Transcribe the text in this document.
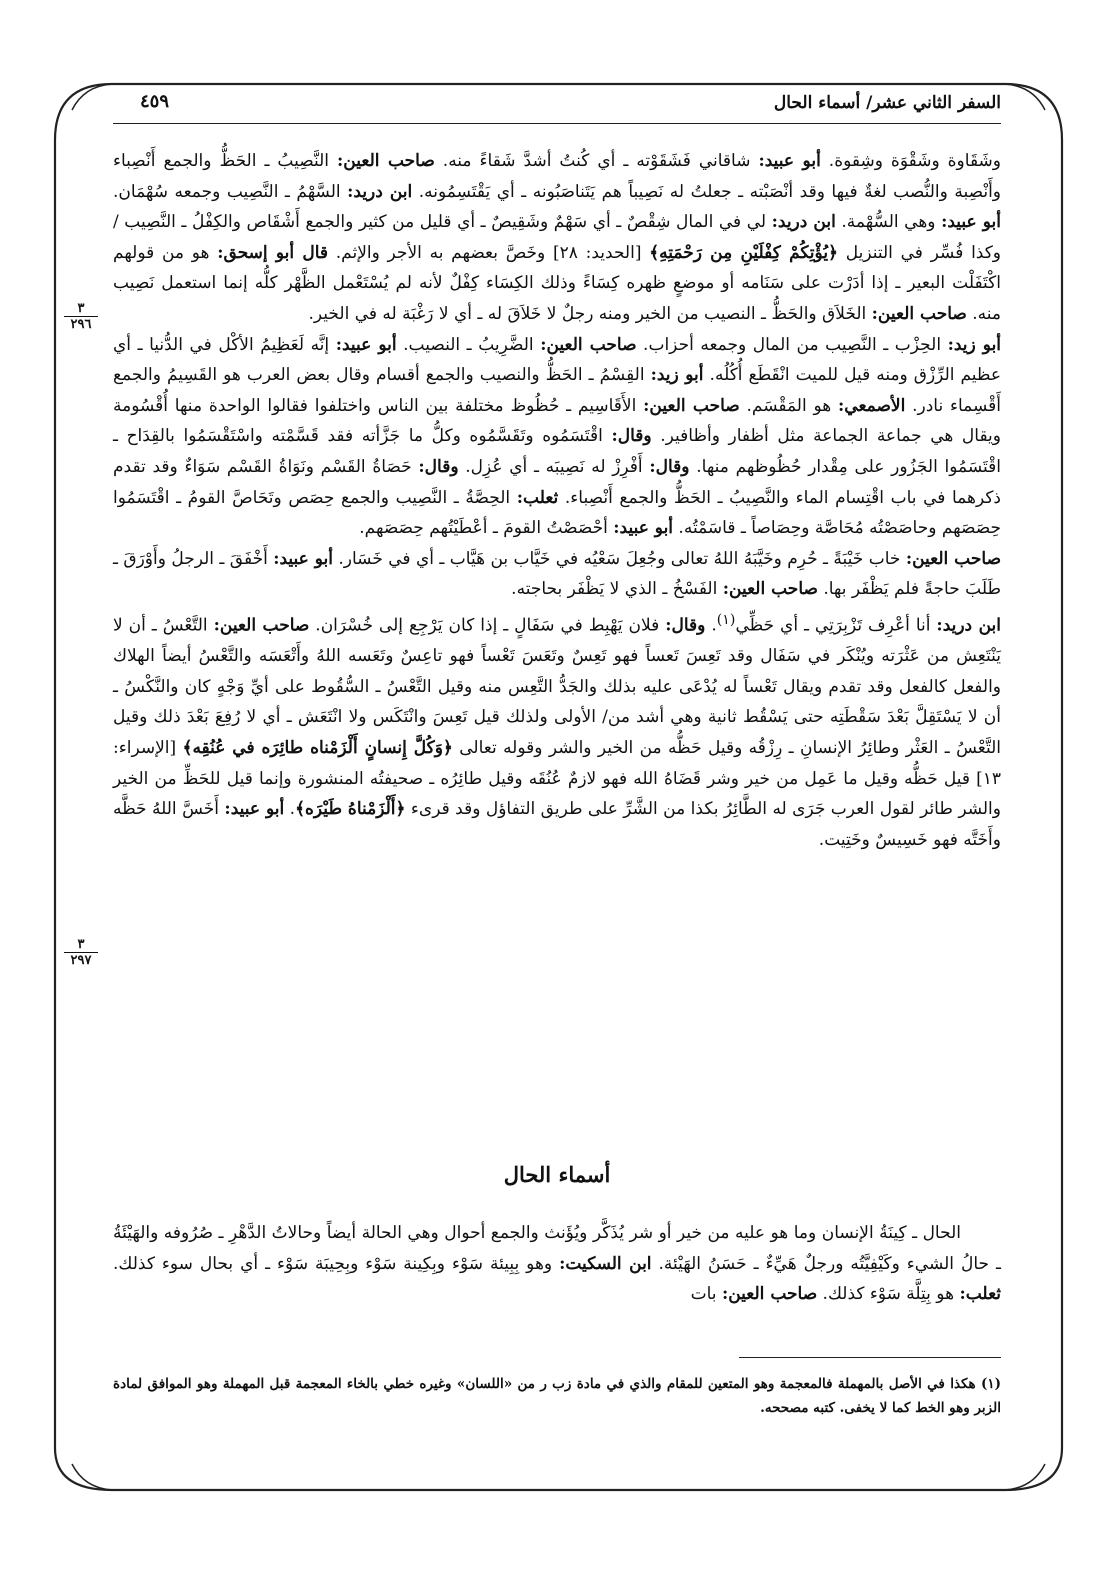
السفر الثاني عشر/ أسماء الحال
٤٥٩
٣
٢٩٦
٣
٢٩٧

وشَقَاوة وشَقْوَة وشِقوة. أبو عبيد: شاقاني فَشَقَوْته ـ أي كُنتُ أشدَّ شَقاءً منه. صاحب العين: النَّصِيبُ ـ الحَظُّ والجمع أَنْصِباء وأَنْصِبة والنُّصب لغةٌ فيها وقد أنْصَبْته ـ جعلتُ له نَصِيباً هم يَتَناصَبُونه ـ أي يَقْتَسِمُونه. ابن دريد: السَّهْمُ ـ النَّصِيب وجمعه سُهْمَان. أبو عبيد: وهي السُّهْمة. ابن دريد: لي في المال شِقْصٌ ـ أي سَهْمٌ وشَقِيصٌ ـ أي قليل من كثير والجمع أَشْقَاص والكِفْلُ ـ النَّصِيب /وكذا فُسِّر في التنزيل ﴿يُؤْتِكُمْ كِفْلَيْنِ مِن رَحْمَتِهِ﴾ [الحديد: ٢٨] وخَصَّ بعضهم به الأجر والإثم. قال أبو إسحق: هو من قولهم اكْتَفَلْت البعير ـ إذا أدَرْت على سَنَامه أو موضعٍ ظهره كِسَاءً وذلك الكِسَاء كِفْلٌ لأنه لم يُسْتَعْمل الظَّهْر كلُّه إنما استعمل نَصِيب منه. صاحب العين: الخَلاَق والحَظُّ ـ النصيب من الخير ومنه رجلٌ لا خَلاَقَ له ـ أي لا رَغْبَة له في الخير.

أبو زيد: الحِزْب ـ النَّصِيب من المال وجمعه أحزاب. صاحب العين: الضَّرِيبُ ـ النصيب. أبو عبيد: إنَّه لَعَظِيمُ الأكْل في الدُّنيا ـ أي عظيم الرِّزْق ومنه قيل للميت انْقَطَع أُكُلُه. أبو زيد: القِسْمُ ـ الحَظُّ والنصيب والجمع أقسام وقال بعض العرب هو القَسِيمُ والجمع أَقْسِماء نادر. الأصمعي: هو المَقْسَم. صاحب العين: الأَقَاسِيم ـ حُظُوظ مختلفة بين الناس واختلفوا فقالوا الواحدة منها أُقْسُومة ويقال هي جماعة الجماعة مثل أظفار وأظافير. وقال: اقْتَسَمُوه وتَقَسَّمُوه وكلُّ ما جَزَّأته فقد قَسَّمْته واسْتَقْسَمُوا بالقِدَاح ـ اقْتَسَمُوا الجَزُور على مِقْدار حُظُوظهم منها. وقال: أَفْرِزْ له نَصِيبَه ـ أي عُزِل. وقال: حَصَاةُ القَسْم ونَوَاةُ القَسْم سَوَاءٌ وقد تقدم ذكرهما في باب اقْتِسام الماء والنَّصِيبُ ـ الحَظُّ والجمع أَنْصِباء. ثعلب: الحِصَّةُ ـ النَّصِيب والجمع حِصَص وتَحَاصَّ القومُ ـ اقْتَسَمُوا حِصَصَهم وحاصَصْتُه مُحَاصَّة وحِصَاصاً ـ قاسَمْتُه. أبو عبيد: أحْصَصْتُ القومَ ـ أعْطَيْتُهم حِصَصَهم.

صاحب العين: خاب خَيْبَةً ـ حُرِم وخَيَّبَهُ اللهُ تعالى وجُعِلَ سَعْيُه في خَيَّاب بن هَيَّاب ـ أي في خَسَار. أبو عبيد: أَخْفَقَ ـ الرجلُ وأَوْرَقَ ـ طَلَبَ حاجةً فلم يَظْفَر بها. صاحب العين: الفَسْخُ ـ الذي لا يَظْفَر بحاجته.

ابن دريد: أنا أعْرِف تَزْبِرَتِي ـ أي حَظِّي$^{(١)}$. وقال: فلان يَهْبِط في سَفَالٍ ـ إذا كان يَرْجِع إلى خُسْرَان. صاحب العين: التَّعْسُ ـ أن لا يَنْتَعِش من عَثْرَته ويُنْكَر في سَفَال وقد تَعِسَ تَعساً فهو تَعِسٌ وتَعَسَ تَعْساً فهو تاعِسٌ وتَعَسه اللهُ وأَتْعَسَه والتَّعْسُ أيضاً الهلاك والفعل كالفعل وقد تقدم ويقال تَعْساً له يُدْعَى عليه بذلك والجَدُّ التَّعِس منه وقيل التَّعْسُ ـ السُّقُوط على أيِّ وَجْهٍ كان والنَّكْسُ ـ أن لا يَسْتَقِلَّ بَعْدَ سَقْطَتِه حتى يَسْقُط ثانية وهي أشد من/ الأولى ولذلك قيل تَعِسَ وانْتَكَس ولا انْتَعَش ـ أي لا رُفِعَ بَعْدَ ذلك وقيل التَّعْسُ ـ العَثْر وطائِرُ الإنسانِ ـ رِزْقُه وقيل حَظُّه من الخير والشر وقوله تعالى ﴿وَكُلَّ إِنسانٍ أَلْزَمْناه طائِرَه في عُنُقِه﴾ [الإسراء: ١٣] قيل حَظُّه وقيل ما عَمِل من خير وشر قَضَاهُ الله فهو لازمٌ عُنُقَه وقيل طائِرُه ـ صحيفتُه المنشورة وإنما قيل للحَظِّ من الخير والشر طائر لقول العرب جَرَى له الطَّائِرُ بكذا من الشَّرِّ على طريق التفاؤل وقد قرىء ﴿أَلْزَمْناهُ طَيْرَه﴾. أبو عبيد: أَخَسَّ اللهُ حَظَّه وأَخَتَّه فهو خَسِيسٌ وخَتِيت.

أسماء الحال
الحال ـ كِينَةُ الإنسان وما هو عليه من خير أو شر يُذَكَّر ويُؤَنث والجمع أحوال وهي الحالة أيضاً وحالاتُ الدَّهْرِ ـ صُرُوفه والهَيْئَةُ ـ حالُ الشيء وكَيْفِيَّتُه ورجلٌ هَيِّءٌ ـ حَسَنُ الهَيْئة. ابن السكيت: وهو بِبِيئة سَوْء وبِكِينة سَوْء وبِحِيبَة سَوْء ـ أي بحال سوء كذلك. ثعلب: هو بِتِلَّة سَوْء كذلك. صاحب العين: بات
(١) هكذا في الأصل بالمهملة فالمعجمة وهو المتعين للمقام والذي في مادة زب ر من «اللسان» وغيره خطي بالخاء المعجمة قبل المهملة وهو الموافق لمادة الزبر وهو الخط كما لا يخفى. كتبه مصححه.
